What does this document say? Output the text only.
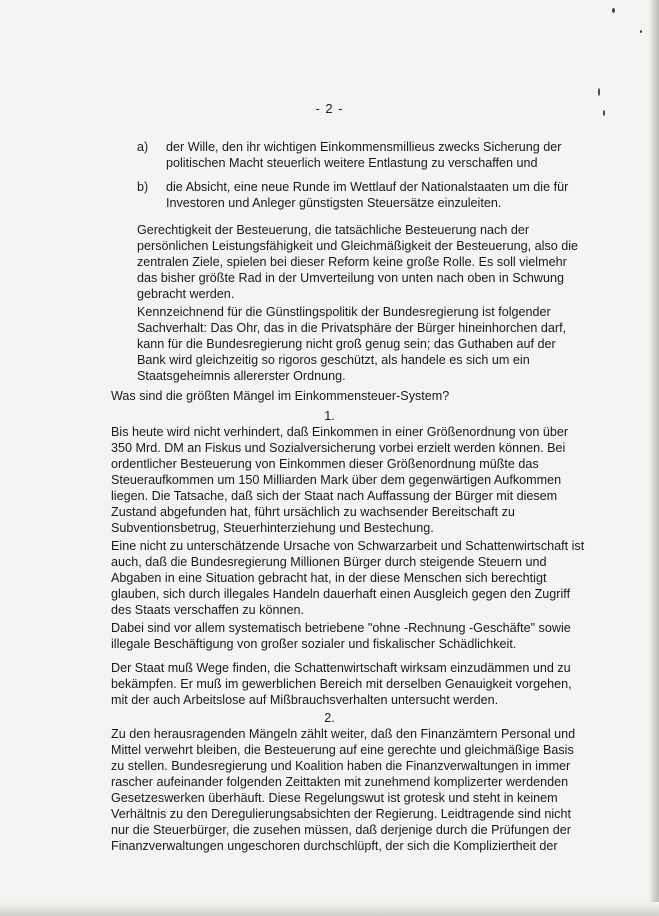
- 2 -
a) der Wille, den ihr wichtigen Einkommensmillieus zwecks Sicherung der
politischen Macht steuerlich weitere Entlastung zu verschaffen und
b) die Absicht, eine neue Runde im Wettlauf der Nationalstaaten um die für
Investoren und Anleger günstigsten Steuersätze einzuleiten.
Gerechtigkeit der Besteuerung, die tatsächliche Besteuerung nach der
persönlichen Leistungsfähigkeit und Gleichmäßigkeit der Besteuerung, also die
zentralen Ziele, spielen bei dieser Reform keine große Rolle. Es soll vielmehr
das bisher größte Rad in der Umverteilung von unten nach oben in Schwung
gebracht werden.
Kennzeichnend für die Günstlingspolitik der Bundesregierung ist folgender
Sachverhalt: Das Ohr, das in die Privatsphäre der Bürger hineinhorchen darf,
kann für die Bundesregierung nicht groß genug sein; das Guthaben auf der
Bank wird gleichzeitig so rigoros geschützt, als handele es sich um ein
Staatsgeheimnis allererster Ordnung.
Was sind die größten Mängel im Einkommensteuer-System?
1.
Bis heute wird nicht verhindert, daß Einkommen in einer Größenordnung von über
350 Mrd. DM an Fiskus und Sozialversicherung vorbei erzielt werden können. Bei
ordentlicher Besteuerung von Einkommen dieser Größenordnung müßte das
Steueraufkommen um 150 Milliarden Mark über dem gegenwärtigen Aufkommen
liegen. Die Tatsache, daß sich der Staat nach Auffassung der Bürger mit diesem
Zustand abgefunden hat, führt ursächlich zu wachsender Bereitschaft zu
Subventionsbetrug, Steuerhinterziehung und Bestechung.
Eine nicht zu unterschätzende Ursache von Schwarzarbeit und Schattenwirtschaft ist
auch, daß die Bundesregierung Millionen Bürger durch steigende Steuern und
Abgaben in eine Situation gebracht hat, in der diese Menschen sich berechtigt
glauben, sich durch illegales Handeln dauerhaft einen Ausgleich gegen den Zugriff
des Staats verschaffen zu können.
Dabei sind vor allem systematisch betriebene "ohne -Rechnung -Geschäfte" sowie
illegale Beschäftigung von großer sozialer und fiskalischer Schädlichkeit.
Der Staat muß Wege finden, die Schattenwirtschaft wirksam einzudämmen und zu
bekämpfen. Er muß im gewerblichen Bereich mit derselben Genauigkeit vorgehen,
mit der auch Arbeitslose auf Mißbrauchsverhalten untersucht werden.
2.
Zu den herausragenden Mängeln zählt weiter, daß den Finanzämtern Personal und
Mittel verwehrt bleiben, die Besteuerung auf eine gerechte und gleichmäßige Basis
zu stellen. Bundesregierung und Koalition haben die Finanzverwaltungen in immer
rascher aufeinander folgenden Zeittakten mit zunehmend komplizerter werdenden
Gesetzeswerken überhäuft. Diese Regelungswut ist grotesk und steht in keinem
Verhältnis zu den Deregulierungsabsichten der Regierung. Leidtragende sind nicht
nur die Steuerbürger, die zusehen müssen, daß derjenige durch die Prüfungen der
Finanzverwaltungen ungeschoren durchschlüpft, der sich die Kompliziertheit der
